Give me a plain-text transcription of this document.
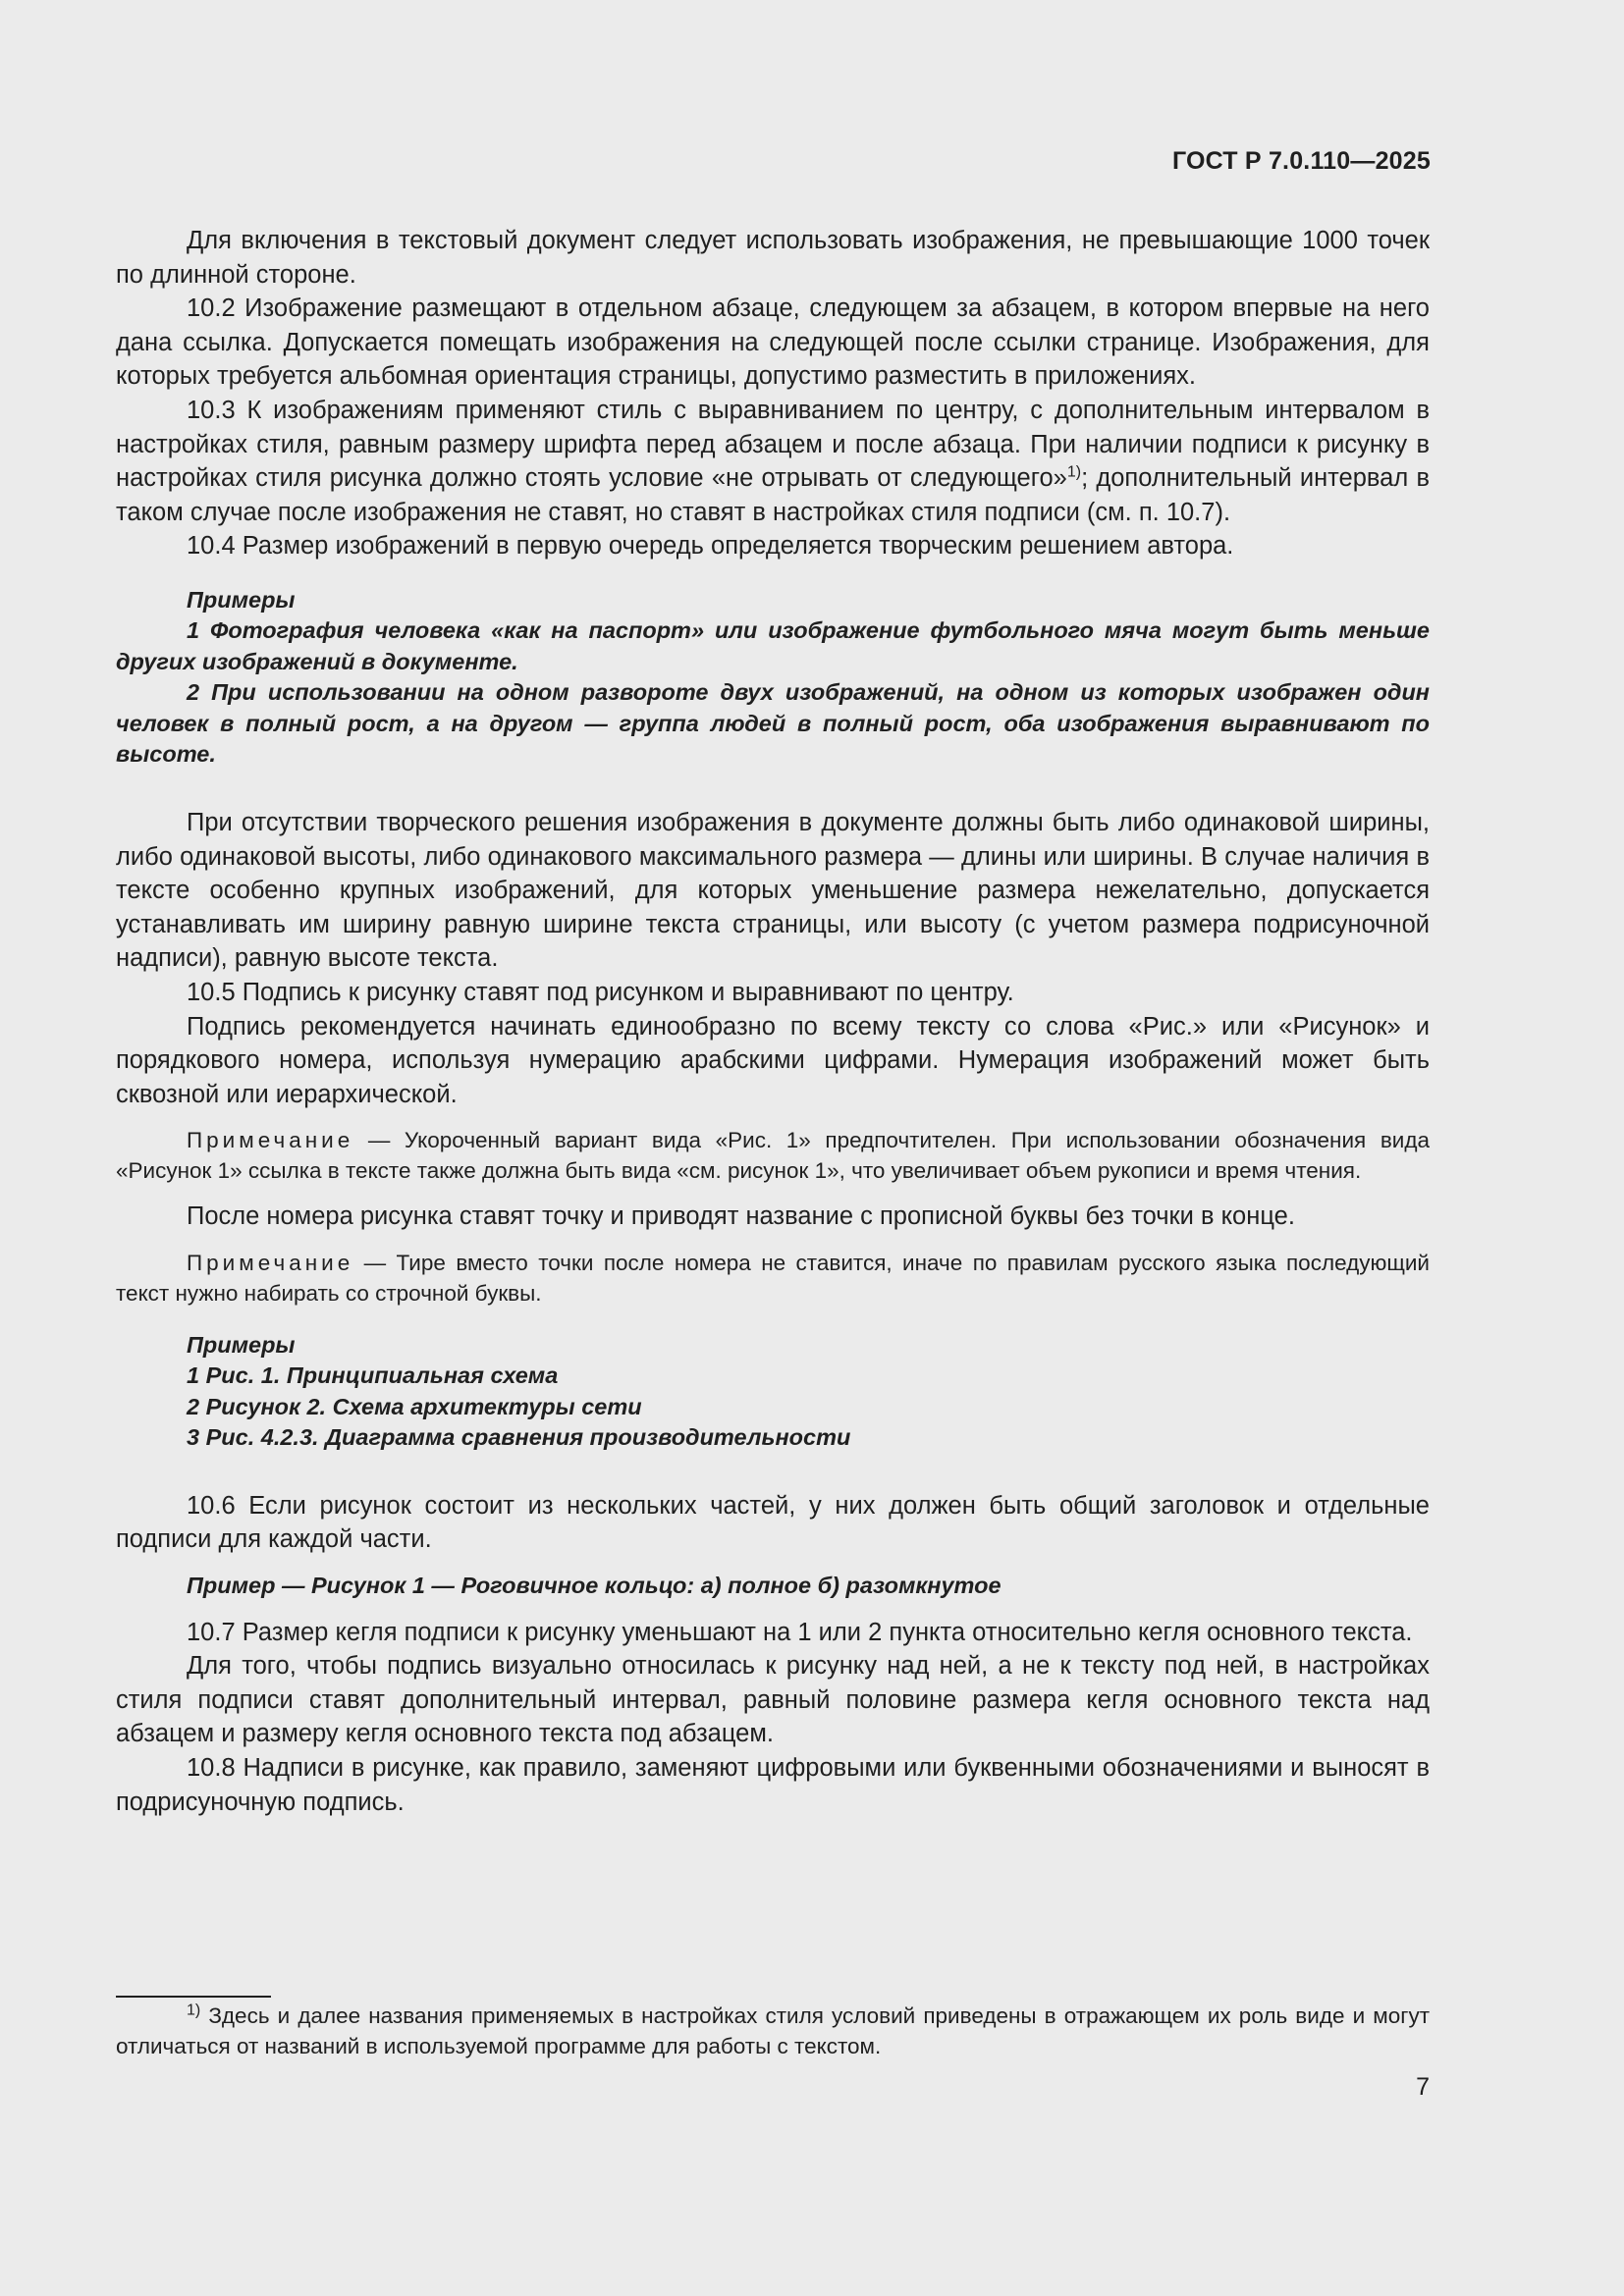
ГОСТ Р 7.0.110—2025

Для включения в текстовый документ следует использовать изображения, не превышающие 1000 точек по длинной стороне.

10.2 Изображение размещают в отдельном абзаце, следующем за абзацем, в котором впервые на него дана ссылка. Допускается помещать изображения на следующей после ссылки странице. Изображения, для которых требуется альбомная ориентация страницы, допустимо разместить в приложениях.

10.3 К изображениям применяют стиль с выравниванием по центру, с дополнительным интервалом в настройках стиля, равным размеру шрифта перед абзацем и после абзаца. При наличии подписи к рисунку в настройках стиля рисунка должно стоять условие «не отрывать от следующего»$^{1)}$; дополнительный интервал в таком случае после изображения не ставят, но ставят в настройках стиля подписи (см. п. 10.7).

10.4 Размер изображений в первую очередь определяется творческим решением автора.

Примеры

1 Фотография человека «как на паспорт» или изображение футбольного мяча могут быть меньше других изображений в документе.

2 При использовании на одном развороте двух изображений, на одном из которых изображен один человек в полный рост, а на другом — группа людей в полный рост, оба изображения выравнивают по высоте.

При отсутствии творческого решения изображения в документе должны быть либо одинаковой ширины, либо одинаковой высоты, либо одинакового максимального размера — длины или ширины. В случае наличия в тексте особенно крупных изображений, для которых уменьшение размера нежелательно, допускается устанавливать им ширину равную ширине текста страницы, или высоту (с учетом размера подрисуночной надписи), равную высоте текста.

10.5 Подпись к рисунку ставят под рисунком и выравнивают по центру.

Подпись рекомендуется начинать единообразно по всему тексту со слова «Рис.» или «Рисунок» и порядкового номера, используя нумерацию арабскими цифрами. Нумерация изображений может быть сквозной или иерархической.

Примечание — Укороченный вариант вида «Рис. 1» предпочтителен. При использовании обозначения вида «Рисунок 1» ссылка в тексте также должна быть вида «см. рисунок 1», что увеличивает объем рукописи и время чтения.

После номера рисунка ставят точку и приводят название с прописной буквы без точки в конце.

Примечание — Тире вместо точки после номера не ставится, иначе по правилам русского языка последующий текст нужно набирать со строчной буквы.

Примеры

1 Рис. 1. Принципиальная схема

2 Рисунок 2. Схема архитектуры сети

3 Рис. 4.2.3. Диаграмма сравнения производительности

10.6 Если рисунок состоит из нескольких частей, у них должен быть общий заголовок и отдельные подписи для каждой части.

Пример — Рисунок 1 — Роговичное кольцо: а) полное б) разомкнутое

10.7 Размер кегля подписи к рисунку уменьшают на 1 или 2 пункта относительно кегля основного текста.

Для того, чтобы подпись визуально относилась к рисунку над ней, а не к тексту под ней, в настройках стиля подписи ставят дополнительный интервал, равный половине размера кегля основного текста над абзацем и размеру кегля основного текста под абзацем.

10.8 Надписи в рисунке, как правило, заменяют цифровыми или буквенными обозначениями и выносят в подрисуночную подпись.

$^{1)}$ Здесь и далее названия применяемых в настройках стиля условий приведены в отражающем их роль виде и могут отличаться от названий в используемой программе для работы с текстом.

7
